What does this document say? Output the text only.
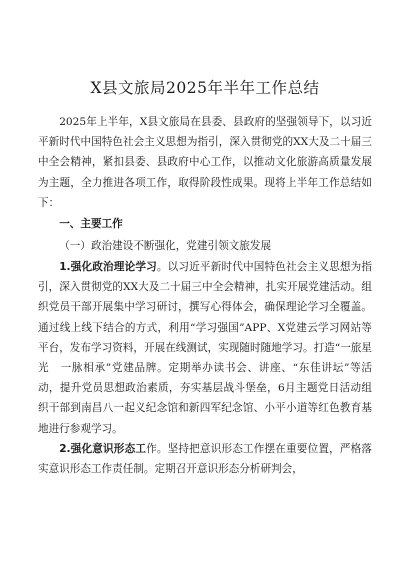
X县文旅局2025年半年工作总结

2025年上半年，X县文旅局在县委、县政府的坚强领导下，以习近平新时代中国特色社会主义思想为指引，深入贯彻党的XX大及二十届三中全会精神，紧扣县委、县政府中心工作，以推动文化旅游高质量发展为主题，全力推进各项工作，取得阶段性成果。现将上半年工作总结如下：

一、主要工作

（一）政治建设不断强化，党建引领文旅发展

1.强化政治理论学习。以习近平新时代中国特色社会主义思想为指引，深入贯彻党的XX大及二十届三中全会精神，扎实开展党建活动。组织党员干部开展集中学习研讨，撰写心得体会，确保理论学习全覆盖。通过线上线下结合的方式，利用“学习强国”APP、X党建云学习网站等平台，发布学习资料，开展在线测试，实现随时随地学习。打造“一旅星光　一脉相承”党建品牌。定期举办读书会、讲座、“东佳讲坛”等活动，提升党员思想政治素质，夯实基层战斗堡垒，6月主题党日活动组织干部到南昌八一起义纪念馆和新四军纪念馆、小平小道等红色教育基地进行参观学习。

2.强化意识形态工作。坚持把意识形态工作摆在重要位置，严格落实意识形态工作责任制。定期召开意识形态分析研判会，
